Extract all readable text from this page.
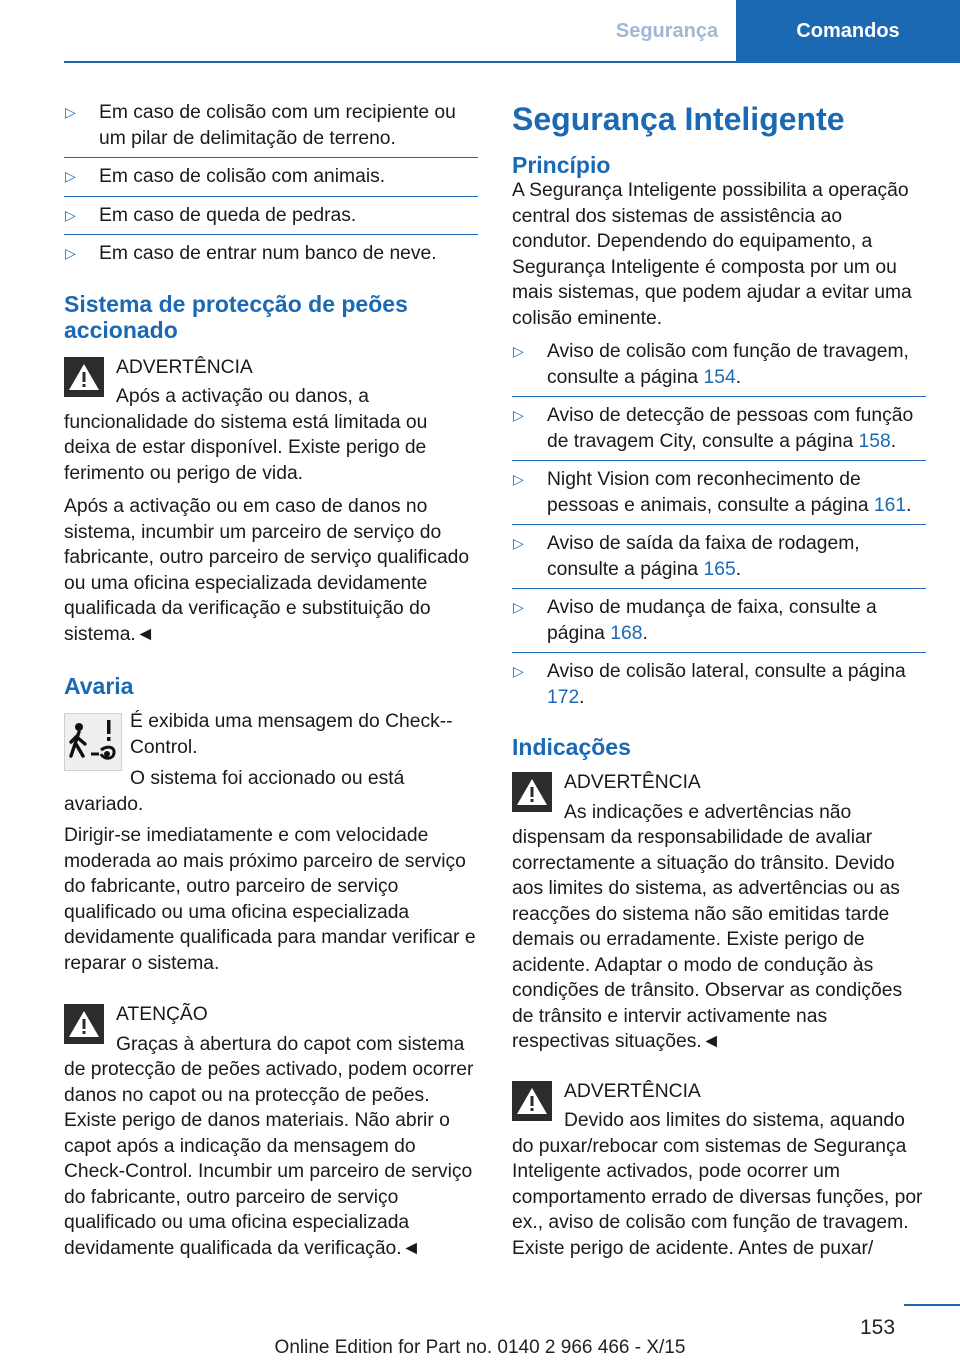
Segurança	Comandos
▷ Em caso de colisão com um recipiente ou um pilar de delimitação de terreno.
▷ Em caso de colisão com animais.
▷ Em caso de queda de pedras.
▷ Em caso de entrar num banco de neve.
Sistema de protecção de peões accionado

ADVERTÊNCIA

Após a activação ou danos, a funcionalidade do sistema está limitada ou deixa de estar disponível. Existe perigo de ferimento ou perigo de vida.

Após a activação ou em caso de danos no sistema, incumbir um parceiro de serviço do fabricante, outro parceiro de serviço qualificado ou uma oficina especializada devidamente qualificada da verificação e substituição do sistema.◄

Avaria

É exibida uma mensagem do Check--Control.

O sistema foi accionado ou está avariado.

Dirigir-se imediatamente e com velocidade moderada ao mais próximo parceiro de serviço do fabricante, outro parceiro de serviço qualificado ou uma oficina especializada devidamente qualificada para mandar verificar e reparar o sistema.

ATENÇÃO

Graças à abertura do capot com sistema de protecção de peões activado, podem ocorrer danos no capot ou na protecção de peões. Existe perigo de danos materiais. Não abrir o capot após a indicação da mensagem do Check-Control. Incumbir um parceiro de serviço do fabricante, outro parceiro de serviço qualificado ou uma oficina especializada devidamente qualificada da verificação.◄

Segurança Inteligente
Princípio

A Segurança Inteligente possibilita a operação central dos sistemas de assistência ao condutor. Dependendo do equipamento, a Segurança Inteligente é composta por um ou mais sistemas, que podem ajudar a evitar uma colisão eminente.

▷ Aviso de colisão com função de travagem, consulte a página 154.
▷ Aviso de detecção de pessoas com função de travagem City, consulte a página 158.
▷ Night Vision com reconhecimento de pessoas e animais, consulte a página 161.
▷ Aviso de saída da faixa de rodagem, consulte a página 165.
▷ Aviso de mudança de faixa, consulte a página 168.
▷ Aviso de colisão lateral, consulte a página 172.
Indicações

ADVERTÊNCIA

As indicações e advertências não dispensam da responsabilidade de avaliar correctamente a situação do trânsito. Devido aos limites do sistema, as advertências ou as reacções do sistema não são emitidas tarde demais ou erradamente. Existe perigo de acidente. Adaptar o modo de condução às condições de trânsito. Observar as condições de trânsito e intervir activamente nas respectivas situações.◄

ADVERTÊNCIA

Devido aos limites do sistema, aquando do puxar/rebocar com sistemas de Segurança Inteligente activados, pode ocorrer um comportamento errado de diversas funções, por ex., aviso de colisão com função de travagem. Existe perigo de acidente. Antes de puxar/

153
Online Edition for Part no. 0140 2 966 466 - X/15
